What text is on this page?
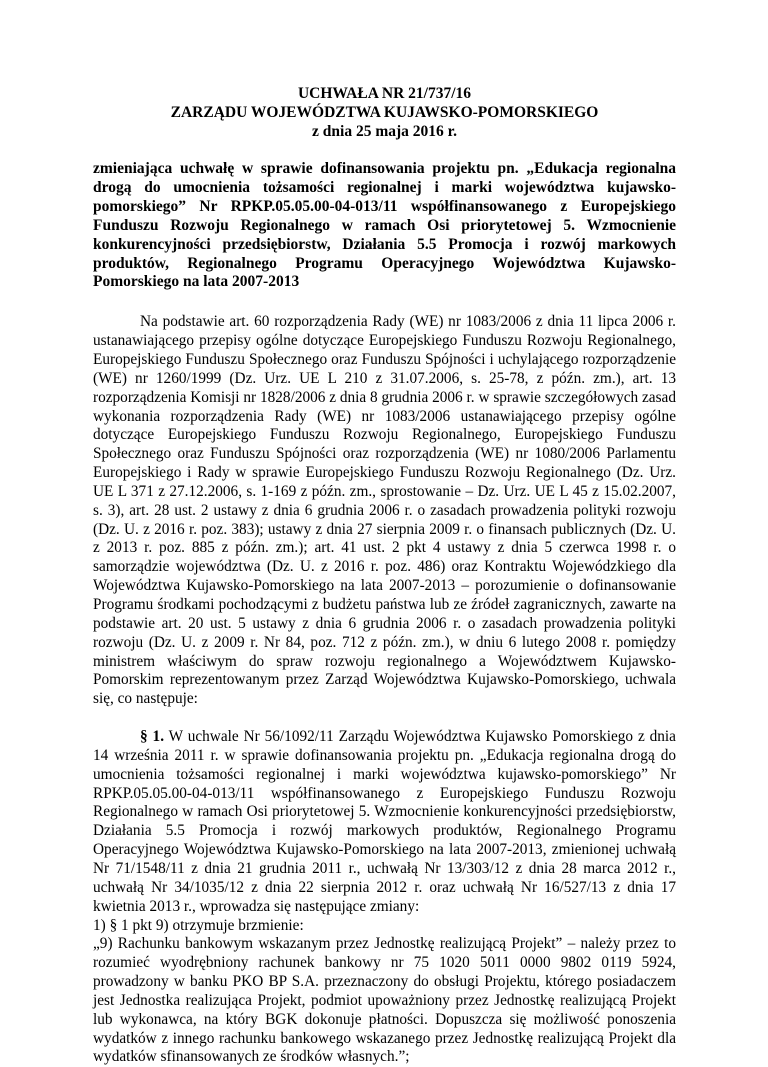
UCHWAŁA NR 21/737/16

ZARZĄDU WOJEWÓDZTWA KUJAWSKO-POMORSKIEGO

z dnia 25 maja 2016 r.

zmieniająca uchwałę w sprawie dofinansowania projektu pn. „Edukacja regionalna drogą do umocnienia tożsamości regionalnej i marki województwa kujawsko-pomorskiego” Nr RPKP.05.05.00-04-013/11 współfinansowanego z Europejskiego Funduszu Rozwoju Regionalnego w ramach Osi priorytetowej 5. Wzmocnienie konkurencyjności przedsiębiorstw, Działania 5.5 Promocja i rozwój markowych produktów, Regionalnego Programu Operacyjnego Województwa Kujawsko-Pomorskiego na lata 2007-2013

Na podstawie art. 60 rozporządzenia Rady (WE) nr 1083/2006 z dnia 11 lipca 2006 r. ustanawiającego przepisy ogólne dotyczące Europejskiego Funduszu Rozwoju Regionalnego, Europejskiego Funduszu Społecznego oraz Funduszu Spójności i uchylającego rozporządzenie (WE) nr 1260/1999 (Dz. Urz. UE L 210 z 31.07.2006, s. 25-78, z późn. zm.), art. 13 rozporządzenia Komisji nr 1828/2006 z dnia 8 grudnia 2006 r. w sprawie szczegółowych zasad wykonania rozporządzenia Rady (WE) nr 1083/2006 ustanawiającego przepisy ogólne dotyczące Europejskiego Funduszu Rozwoju Regionalnego, Europejskiego Funduszu Społecznego oraz Funduszu Spójności oraz rozporządzenia (WE) nr 1080/2006 Parlamentu Europejskiego i Rady w sprawie Europejskiego Funduszu Rozwoju Regionalnego (Dz. Urz. UE L 371 z 27.12.2006, s. 1-169 z późn. zm., sprostowanie – Dz. Urz. UE L 45 z 15.02.2007, s. 3), art. 28 ust. 2 ustawy z dnia 6 grudnia 2006 r. o zasadach prowadzenia polityki rozwoju (Dz. U. z 2016 r. poz. 383); ustawy z dnia 27 sierpnia 2009 r. o finansach publicznych (Dz. U. z 2013 r. poz. 885 z późn. zm.); art. 41 ust. 2 pkt 4 ustawy z dnia 5 czerwca 1998 r. o samorządzie województwa (Dz. U. z 2016 r. poz. 486) oraz Kontraktu Wojewódzkiego dla Województwa Kujawsko-Pomorskiego na lata 2007-2013 – porozumienie o dofinansowanie Programu środkami pochodzącymi z budżetu państwa lub ze źródeł zagranicznych, zawarte na podstawie art. 20 ust. 5 ustawy z dnia 6 grudnia 2006 r. o zasadach prowadzenia polityki rozwoju (Dz. U. z 2009 r. Nr 84, poz. 712 z późn. zm.), w dniu 6 lutego 2008 r. pomiędzy ministrem właściwym do spraw rozwoju regionalnego a Województwem Kujawsko-Pomorskim reprezentowanym przez Zarząd Województwa Kujawsko-Pomorskiego, uchwala się, co następuje:

§ 1. W uchwale Nr 56/1092/11 Zarządu Województwa Kujawsko Pomorskiego z dnia 14 września 2011 r. w sprawie dofinansowania projektu pn. „Edukacja regionalna drogą do umocnienia tożsamości regionalnej i marki województwa kujawsko-pomorskiego” Nr RPKP.05.05.00-04-013/11 współfinansowanego z Europejskiego Funduszu Rozwoju Regionalnego w ramach Osi priorytetowej 5. Wzmocnienie konkurencyjności przedsiębiorstw, Działania 5.5 Promocja i rozwój markowych produktów, Regionalnego Programu Operacyjnego Województwa Kujawsko-Pomorskiego na lata 2007-2013, zmienionej uchwałą Nr 71/1548/11 z dnia 21 grudnia 2011 r., uchwałą Nr 13/303/12 z dnia 28 marca 2012 r., uchwałą Nr 34/1035/12 z dnia 22 sierpnia 2012 r. oraz uchwałą Nr 16/527/13 z dnia 17 kwietnia 2013 r., wprowadza się następujące zmiany:

1) § 1 pkt 9) otrzymuje brzmienie:

„9) Rachunku bankowym wskazanym przez Jednostkę realizującą Projekt” – należy przez to rozumieć wyodrębniony rachunek bankowy nr 75 1020 5011 0000 9802 0119 5924, prowadzony w banku PKO BP S.A. przeznaczony do obsługi Projektu, którego posiadaczem jest Jednostka realizująca Projekt, podmiot upoważniony przez Jednostkę realizującą Projekt lub wykonawca, na który BGK dokonuje płatności. Dopuszcza się możliwość ponoszenia wydatków z innego rachunku bankowego wskazanego przez Jednostkę realizującą Projekt dla wydatków sfinansowanych ze środków własnych.”;
